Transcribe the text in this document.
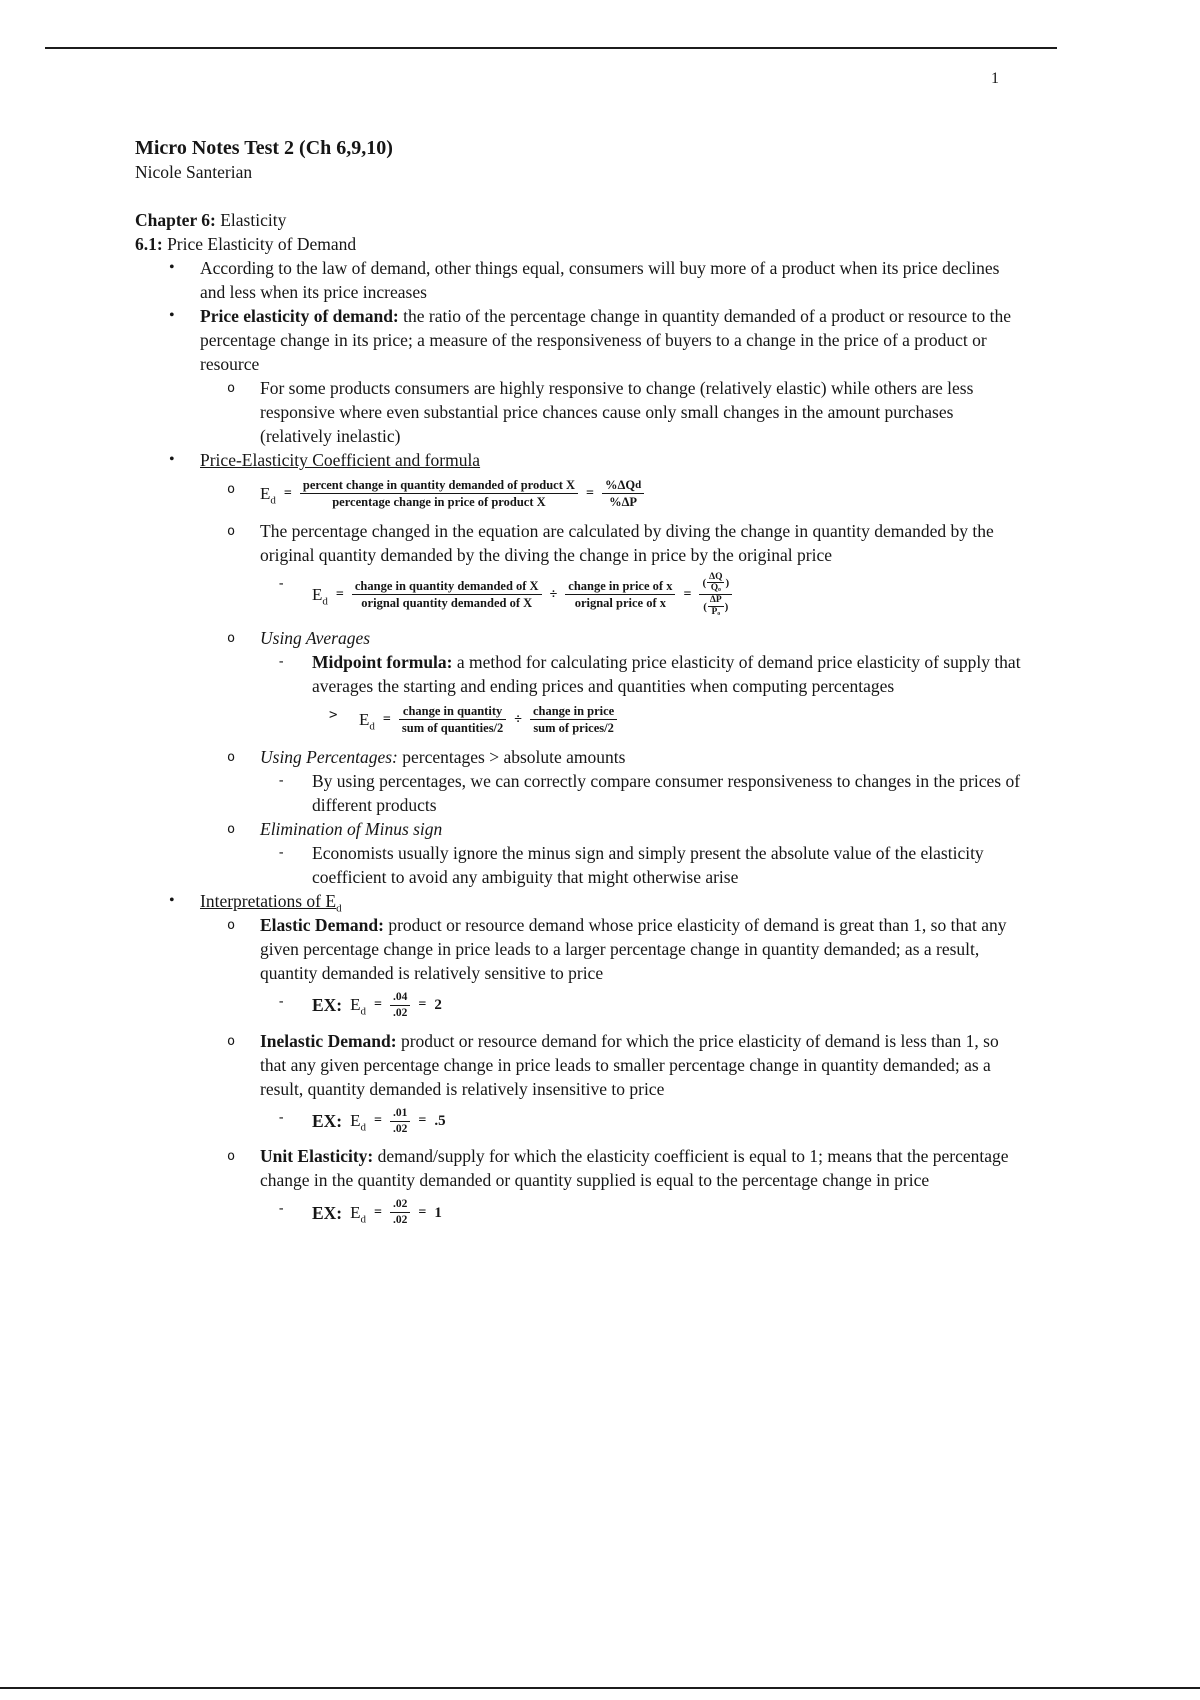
1

Micro Notes Test 2 (Ch 6,9,10)

Nicole Santerian

Chapter 6: Elasticity

6.1: Price Elasticity of Demand

•	According to the law of demand, other things equal, consumers will buy more of a product when its price declines and less when its price increases
•	Price elasticity of demand: the ratio of the percentage change in quantity demanded of a product or resource to the percentage change in its price; a measure of the responsiveness of buyers to a change in the price of a product or resource
o	For some products consumers are highly responsive to change (relatively elastic) while others are less responsive where even substantial price chances cause only small changes in the amount purchases (relatively inelastic)
•	Price-Elasticity Coefficient and formula
o	$E_d = \frac{\text{percent change in quantity demanded of product X}}{\text{percentage change in price of product X}} = \frac{\text{\%ΔQ d}}{\%\Delta P}$
o	The percentage changed in the equation are calculated by diving the change in quantity demanded by the original quantity demanded by the diving the change in price by the original price
-
$E_d = \frac{\text{change in quantity demanded of X}}{\text{orignal quantity demanded of X}} \div \frac{\text{change in price of x}}{\text{orignal price of x}} = \frac{( \frac{\Delta Q}{\text{Qₒ}} )}{( \frac{\Delta P}{\text{Pₒ}} )}$
o	Using Averages
-	Midpoint formula: a method for calculating price elasticity of demand price elasticity of supply that averages the starting and ending prices and quantities when computing percentages
>	$E_d = \frac{\text{change in quantity}}{\text{sum of quantities/2}} \div \frac{\text{change in price}}{\text{sum of prices/2}}$
o	Using Percentages: percentages > absolute amounts
-	By using percentages, we can correctly compare consumer responsiveness to changes in the prices of different products
o	Elimination of Minus sign
-	Economists usually ignore the minus sign and simply present the absolute value of the elasticity coefficient to avoid any ambiguity that might otherwise arise
•	Interpretations of $E_d$
o	Elastic Demand: product or resource demand whose price elasticity of demand is great than 1, so that any given percentage change in price leads to a larger percentage change in quantity demanded; as a result, quantity demanded is relatively sensitive to price
-	EX: $E_d = \frac{.04}{.02} = 2$
o	Inelastic Demand: product or resource demand for which the price elasticity of demand is less than 1, so that any given percentage change in price leads to smaller percentage change in quantity demanded; as a result, quantity demanded is relatively insensitive to price
-	EX: $E_d = \frac{.01}{.02} = .5$
o	Unit Elasticity: demand/supply for which the elasticity coefficient is equal to 1; means that the percentage change in the quantity demanded or quantity supplied is equal to the percentage change in price
-	EX: $E_d = \frac{.02}{.02} = 1$
